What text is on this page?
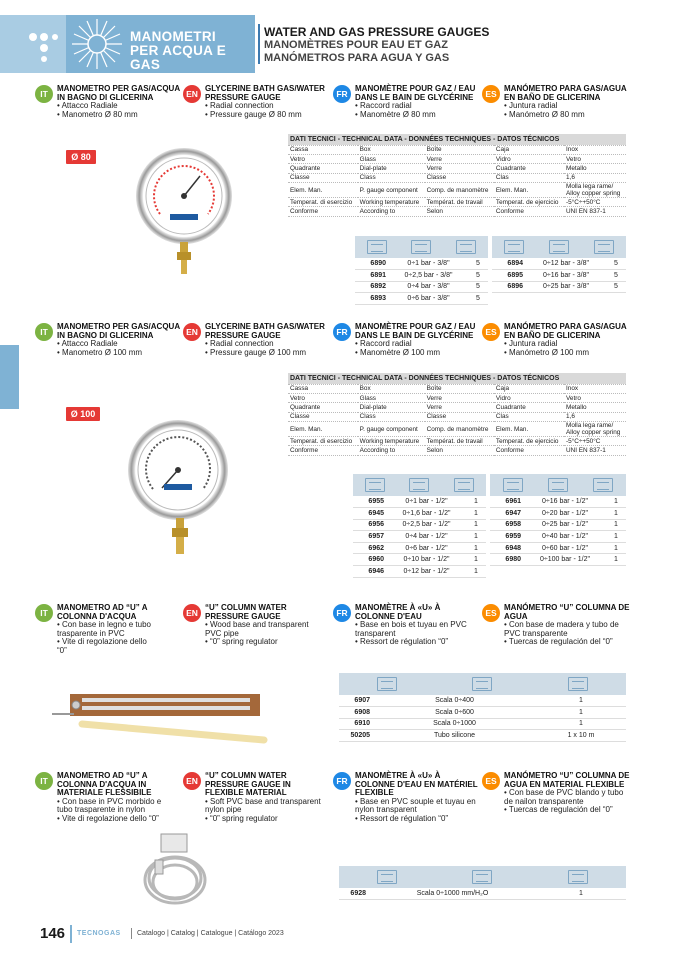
MANOMETRI
PER ACQUA E GAS
WATER AND GAS PRESSURE GAUGES
MANOMÈTRES POUR EAU ET GAZ
MANÓMETROS PARA AGUA Y GAS
IT
MANOMETRO PER GAS/ACQUA IN BAGNO DI GLICERINA
• Attacco Radiale
• Manometro Ø 80 mm
EN
GLYCERINE BATH GAS/WATER PRESSURE GAUGE
• Radial connection
• Pressure gauge Ø 80 mm
FR
MANOMÈTRE POUR GAZ / EAU DANS LE BAIN DE GLYCÉRINE
• Raccord radial
• Manomètre Ø 80 mm
ES
MANÓMETRO PARA GAS/AGUA EN BAÑO DE GLICERINA
• Juntura radial
• Manómetro Ø 80 mm
Ø 80
DATI TECNICI - TECHNICAL DATA - DONNÉES TECHNIQUES - DATOS TÉCNICOS				
Cassa	Box	Boîte	Caja	Inox
Vetro	Glass	Verre	Vidro	Vetro
Quadrante	Dial-plate	Verre	Cuadrante	Metallo
Classe	Class	Classe	Clas	1,6
Elem. Man.	P. gauge component	Comp. de manomètre	Elem. Man.	Molla lega rame/ Alloy copper spring
Temperat. di esercizio	Working temperature	Températ. de travail	Temperat. de ejercicio	-5°C÷+50°C
Conforme	According to	Selon	Conforme	UNI EN 837-1
6890	0÷1 bar - 3/8"	5
6891	0÷2,5 bar - 3/8"	5
6892	0÷4 bar - 3/8"	5
6893	0÷6 bar - 3/8"	5
6894	0÷12 bar - 3/8"	5
6895	0÷16 bar - 3/8"	5
6896	0÷25 bar - 3/8"	5
IT
MANOMETRO PER GAS/ACQUA IN BAGNO DI GLICERINA
• Attacco Radiale
• Manometro Ø 100 mm
EN
GLYCERINE BATH GAS/WATER PRESSURE GAUGE
• Radial connection
• Pressure gauge Ø 100 mm
FR
MANOMÈTRE POUR GAZ / EAU DANS LE BAIN DE GLYCÉRINE
• Raccord radial
• Manomètre Ø 100 mm
ES
MANÓMETRO PARA GAS/AGUA EN BAÑO DE GLICERINA
• Juntura radial
• Manómetro Ø 100 mm
Ø 100
DATI TECNICI - TECHNICAL DATA - DONNÉES TECHNIQUES - DATOS TÉCNICOS				
Cassa	Box	Boîte	Caja	Inox
Vetro	Glass	Verre	Vidro	Vetro
Quadrante	Dial-plate	Verre	Cuadrante	Metallo
Classe	Class	Classe	Clas	1,6
Elem. Man.	P. gauge component	Comp. de manomètre	Elem. Man.	Molla lega rame/ Alloy copper spring
Temperat. di esercizio	Working temperature	Températ. de travail	Temperat. de ejercicio	-5°C÷+50°C
Conforme	According to	Selon	Conforme	UNI EN 837-1
6955	0÷1 bar - 1/2"	1
6945	0÷1,6 bar - 1/2"	1
6956	0÷2,5 bar - 1/2"	1
6957	0÷4 bar - 1/2"	1
6962	0÷6 bar - 1/2"	1
6960	0÷10 bar - 1/2"	1
6946	0÷12 bar - 1/2"	1
6961	0÷16 bar - 1/2"	1
6947	0÷20 bar - 1/2"	1
6958	0÷25 bar - 1/2"	1
6959	0÷40 bar - 1/2"	1
6948	0÷60 bar - 1/2"	1
6980	0÷100 bar - 1/2"	1
IT
MANOMETRO AD “U” A COLONNA D'ACQUA
• Con base in legno e tubo trasparente in PVC
• Vite di regolazione dello “0”
EN
“U” COLUMN WATER PRESSURE GAUGE
• Wood base and transparent PVC pipe
• “0” spring regulator
FR
MANOMÈTRE À «U» À COLONNE D'EAU
• Base en bois et tuyau en PVC transparent
• Ressort de régulation “0”
ES
MANÓMETRO “U” COLUMNA DE AGUA
• Con base de madera y tubo de PVC transparente
• Tuercas de regulación del “0”
6907	Scala 0÷400	1
6908	Scala 0÷600	1
6910	Scala 0÷1000	1
50205	Tubo silicone	1 x 10 m
IT
MANOMETRO AD “U” A COLONNA D'ACQUA IN MATERIALE FLESSIBILE
• Con base in PVC morbido e tubo trasparente in nylon
• Vite di regolazione dello “0”
EN
“U” COLUMN WATER PRESSURE GAUGE IN FLEXIBLE MATERIAL
• Soft PVC base and transparent nylon pipe
• “0” spring regulator
FR
MANOMÈTRE À «U» À COLONNE D'EAU EN MATÉRIEL FLEXIBLE
• Base en PVC souple et tuyau en nylon transparent
• Ressort de régulation “0”
ES
MANÓMETRO “U” COLUMNA DE AGUA EN MATERIAL FLEXIBLE
• Con base de PVC blando y tubo de nailon transparente
• Tuercas de regulación del “0”
6928	Scala 0÷1000 mm/H₂O	1
146 TECNOGAS Catalogo | Catalog | Catalogue | Catálogo 2023
